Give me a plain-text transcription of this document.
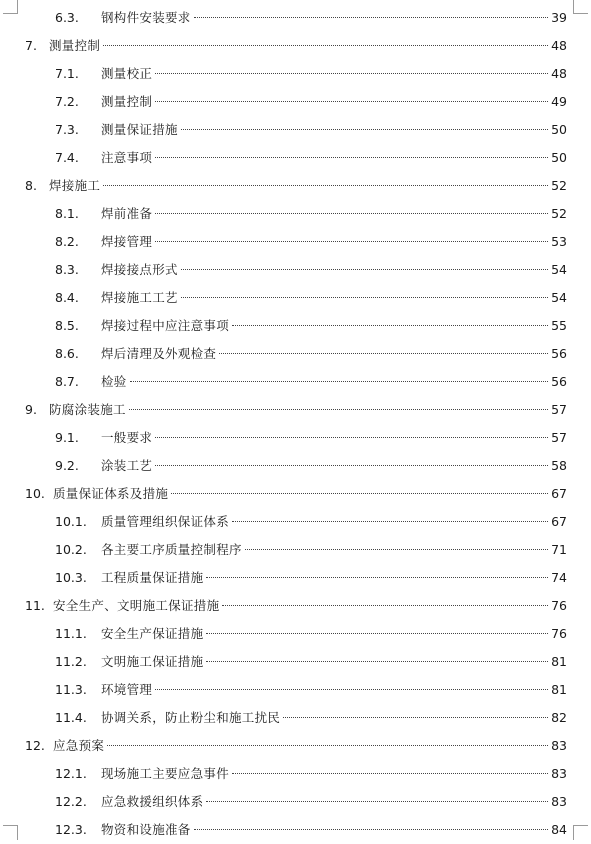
6.3.	钢构件安装要求	39
7. 测量控制	48
7.1.	测量校正	48
7.2.	测量控制	49
7.3.	测量保证措施	50
7.4.	注意事项	50
8. 焊接施工	52
8.1.	焊前准备	52
8.2.	焊接管理	53
8.3.	焊接接点形式	54
8.4.	焊接施工工艺	54
8.5.	焊接过程中应注意事项	55
8.6.	焊后清理及外观检查	56
8.7.	检验	56
9. 防腐涂装施工	57
9.1.	一般要求	57
9.2.	涂装工艺	58
10. 质量保证体系及措施	67
10.1.	质量管理组织保证体系	67
10.2.	各主要工序质量控制程序	71
10.3.	工程质量保证措施	74
11. 安全生产、文明施工保证措施	76
11.1.	安全生产保证措施	76
11.2.	文明施工保证措施	81
11.3.	环境管理	81
11.4.	协调关系，防止粉尘和施工扰民	82
12. 应急预案	83
12.1.	现场施工主要应急事件	83
12.2.	应急救援组织体系	83
12.3.	物资和设施准备	84
